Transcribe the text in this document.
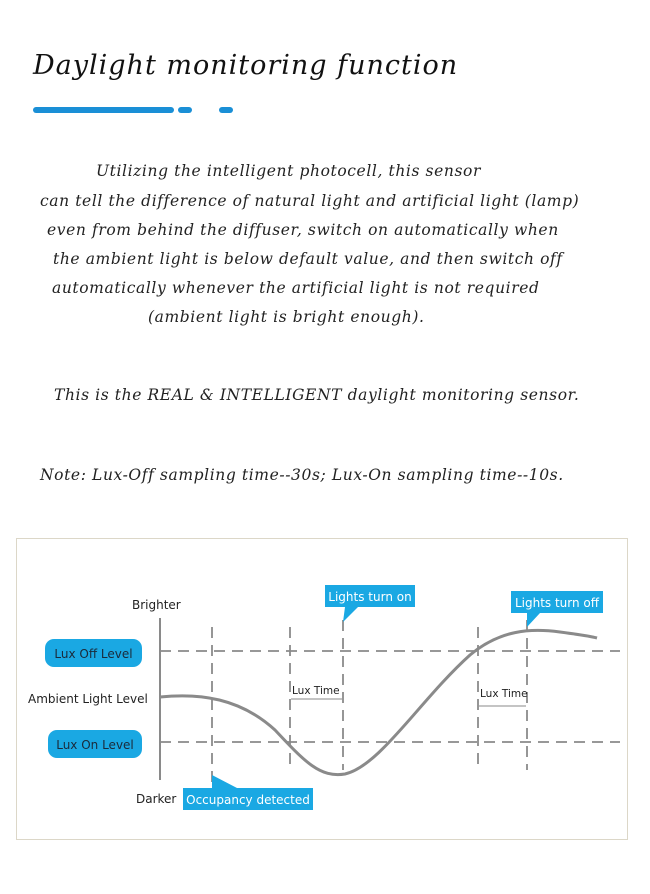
Daylight monitoring function
Utilizing the intelligent photocell, this sensor
can tell the difference of natural light and artificial light (lamp)
even from behind the diffuser, switch on automatically when
the ambient light is below default value, and then switch off
automatically whenever the artificial light is not required
(ambient light is bright enough).

This is the REAL & INTELLIGENT daylight monitoring sensor.

Note: Lux-Off sampling time--30s; Lux-On sampling time--10s.

Lux Time	Lux Time
Brighter
Darker
Ambient Light Level
Lux Off Level
Lux On Level
Lights turn on	Lights turn off
Occupancy detected
